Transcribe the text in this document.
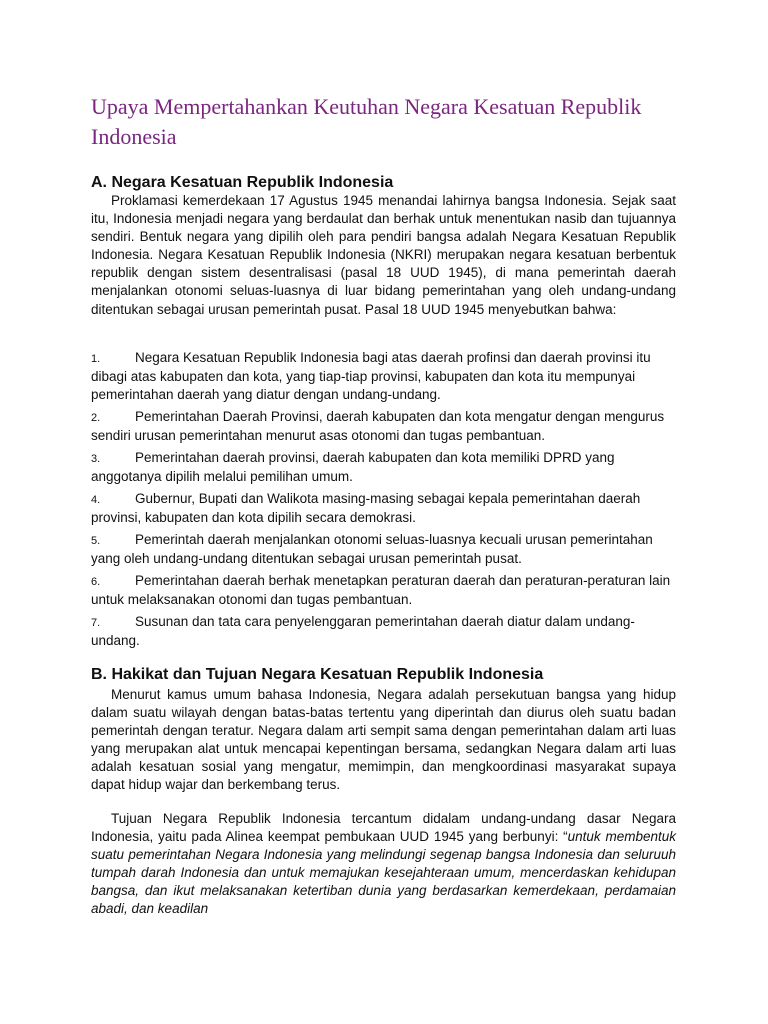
Upaya Mempertahankan Keutuhan Negara Kesatuan Republik Indonesia
A. Negara Kesatuan Republik Indonesia

Proklamasi kemerdekaan 17 Agustus 1945 menandai lahirnya bangsa Indonesia. Sejak saat itu, Indonesia menjadi negara yang berdaulat dan berhak untuk menentukan nasib dan tujuannya sendiri. Bentuk negara yang dipilih oleh para pendiri bangsa adalah Negara Kesatuan Republik Indonesia. Negara Kesatuan Republik Indonesia (NKRI) merupakan negara kesatuan berbentuk republik dengan sistem desentralisasi (pasal 18 UUD 1945), di mana pemerintah daerah menjalankan otonomi seluas-luasnya di luar bidang pemerintahan yang oleh undang-undang ditentukan sebagai urusan pemerintah pusat. Pasal 18 UUD 1945 menyebutkan bahwa:

1.	Negara Kesatuan Republik Indonesia bagi atas daerah profinsi dan daerah provinsi itu dibagi atas kabupaten dan kota, yang tiap-tiap provinsi, kabupaten dan kota itu mempunyai pemerintahan daerah yang diatur dengan undang-undang.
2.	Pemerintahan Daerah Provinsi, daerah kabupaten dan kota mengatur dengan mengurus sendiri urusan pemerintahan menurut asas otonomi dan tugas pembantuan.
3.	Pemerintahan daerah provinsi, daerah kabupaten dan kota memiliki DPRD yang anggotanya dipilih melalui pemilihan umum.
4.	Gubernur, Bupati dan Walikota masing-masing sebagai kepala pemerintahan daerah provinsi, kabupaten dan kota dipilih secara demokrasi.
5.	Pemerintah daerah menjalankan otonomi seluas-luasnya kecuali urusan pemerintahan yang oleh undang-undang ditentukan sebagai urusan pemerintah pusat.
6.	Pemerintahan daerah berhak menetapkan peraturan daerah dan peraturan-peraturan lain untuk melaksanakan otonomi dan tugas pembantuan.
7.	Susunan dan tata cara penyelenggaran pemerintahan daerah diatur dalam undang-undang.
B. Hakikat dan Tujuan Negara Kesatuan Republik Indonesia

Menurut kamus umum bahasa Indonesia, Negara adalah persekutuan bangsa yang hidup dalam suatu wilayah dengan batas-batas tertentu yang diperintah dan diurus oleh suatu badan pemerintah dengan teratur. Negara dalam arti sempit sama dengan pemerintahan dalam arti luas yang merupakan alat untuk mencapai kepentingan bersama, sedangkan Negara dalam arti luas adalah kesatuan sosial yang mengatur, memimpin, dan mengkoordinasi masyarakat supaya dapat hidup wajar dan berkembang terus.

Tujuan Negara Republik Indonesia tercantum didalam undang-undang dasar Negara Indonesia, yaitu pada Alinea keempat pembukaan UUD 1945 yang berbunyi: “untuk membentuk suatu pemerintahan Negara Indonesia yang melindungi segenap bangsa Indonesia dan seluruuh tumpah darah Indonesia dan untuk memajukan kesejahteraan umum, mencerdaskan kehidupan bangsa, dan ikut melaksanakan ketertiban dunia yang berdasarkan kemerdekaan, perdamaian abadi, dan keadilan
